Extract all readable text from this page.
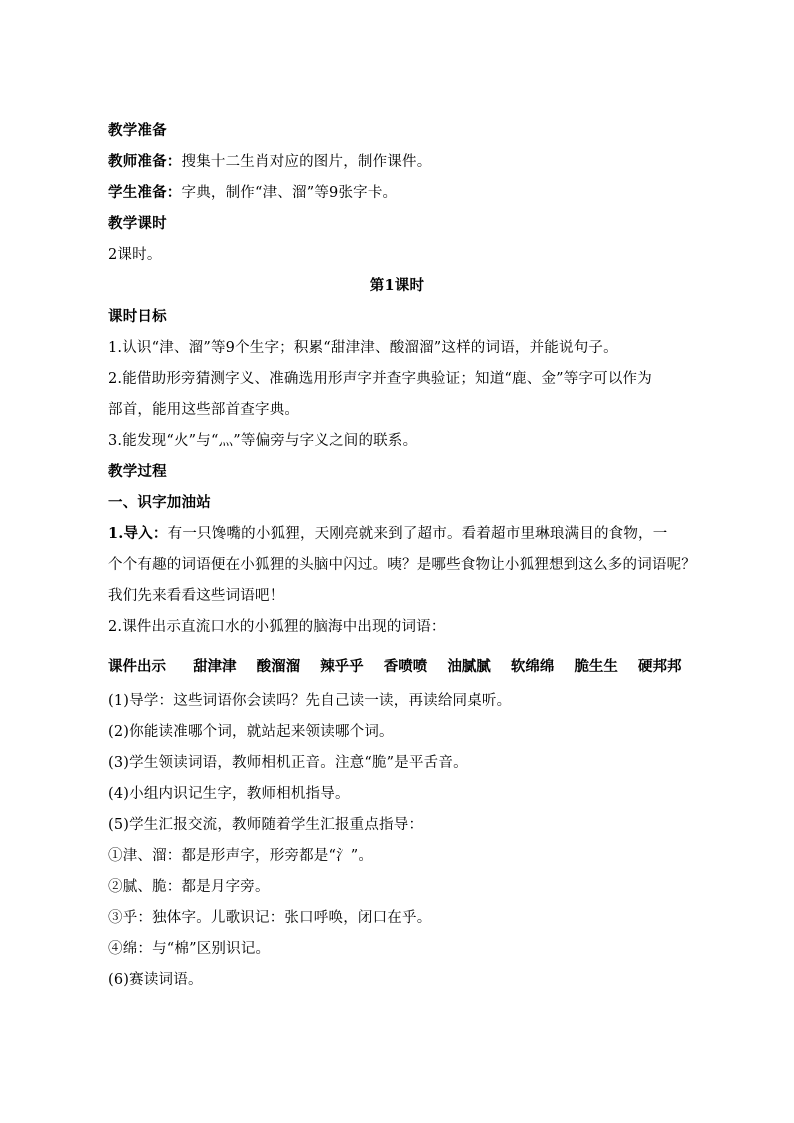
教学准备
教师准备：搜集十二生肖对应的图片，制作课件。
学生准备：字典，制作“津、溜”等9张字卡。
教学课时
2课时。
第1课时
课时日标
1.认识“津、溜”等9个生字；积累“甜津津、酸溜溜”这样的词语，并能说句子。
2.能借助形旁猜测字义、准确选用形声字并查字典验证；知道“鹿、金”等字可以作为
部首，能用这些部首查字典。
3.能发现“火”与“灬”等偏旁与字义之间的联系。
教学过程
一、识字加油站
1.导入：有一只馋嘴的小狐狸，天刚亮就来到了超市。看着超市里琳琅满目的食物，一
个个有趣的词语便在小狐狸的头脑中闪过。咦？是哪些食物让小狐狸想到这么多的词语呢？
我们先来看看这些词语吧！
2.课件出示直流口水的小狐狸的脑海中出现的词语：
课件出示 甜津津 酸溜溜 辣乎乎 香喷喷 油腻腻 软绵绵 脆生生 硬邦邦
(1)导学：这些词语你会读吗？先自己读一读，再读给同桌听。
(2)你能读准哪个词，就站起来领读哪个词。
(3)学生领读词语，教师相机正音。注意“脆”是平舌音。
(4)小组内识记生字，教师相机指导。
(5)学生汇报交流，教师随着学生汇报重点指导：
①津、溜：都是形声字，形旁都是“氵”。
②腻、脆：都是月字旁。
③乎：独体字。儿歌识记：张口呼唤，闭口在乎。
④绵：与“棉”区别识记。
(6)赛读词语。
